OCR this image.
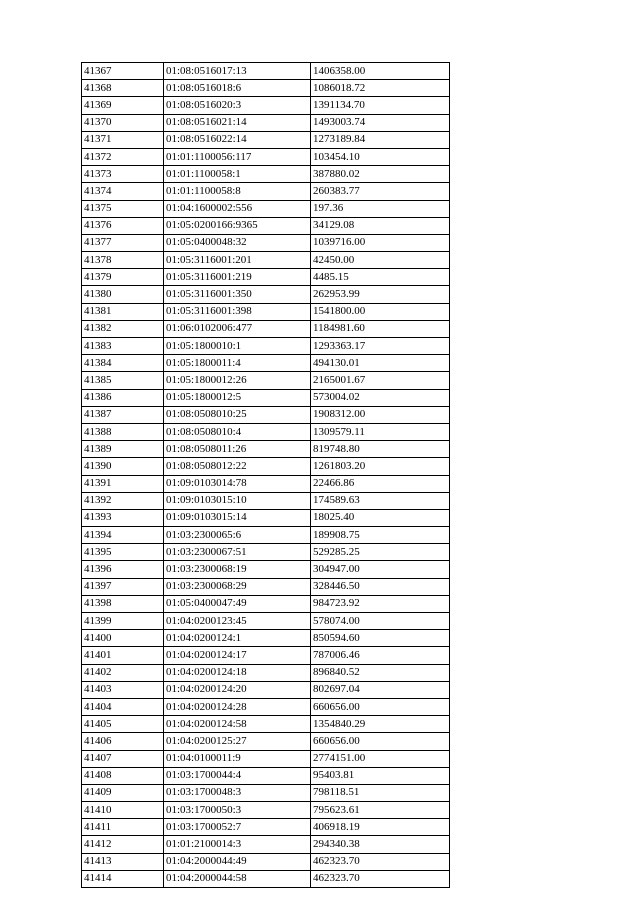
41367	01:08:0516017:13	1406358.00
41368	01:08:0516018:6	1086018.72
41369	01:08:0516020:3	1391134.70
41370	01:08:0516021:14	1493003.74
41371	01:08:0516022:14	1273189.84
41372	01:01:1100056:117	103454.10
41373	01:01:1100058:1	387880.02
41374	01:01:1100058:8	260383.77
41375	01:04:1600002:556	197.36
41376	01:05:0200166:9365	34129.08
41377	01:05:0400048:32	1039716.00
41378	01:05:3116001:201	42450.00
41379	01:05:3116001:219	4485.15
41380	01:05:3116001:350	262953.99
41381	01:05:3116001:398	1541800.00
41382	01:06:0102006:477	1184981.60
41383	01:05:1800010:1	1293363.17
41384	01:05:1800011:4	494130.01
41385	01:05:1800012:26	2165001.67
41386	01:05:1800012:5	573004.02
41387	01:08:0508010:25	1908312.00
41388	01:08:0508010:4	1309579.11
41389	01:08:0508011:26	819748.80
41390	01:08:0508012:22	1261803.20
41391	01:09:0103014:78	22466.86
41392	01:09:0103015:10	174589.63
41393	01:09:0103015:14	18025.40
41394	01:03:2300065:6	189908.75
41395	01:03:2300067:51	529285.25
41396	01:03:2300068:19	304947.00
41397	01:03:2300068:29	328446.50
41398	01:05:0400047:49	984723.92
41399	01:04:0200123:45	578074.00
41400	01:04:0200124:1	850594.60
41401	01:04:0200124:17	787006.46
41402	01:04:0200124:18	896840.52
41403	01:04:0200124:20	802697.04
41404	01:04:0200124:28	660656.00
41405	01:04:0200124:58	1354840.29
41406	01:04:0200125:27	660656.00
41407	01:04:0100011:9	2774151.00
41408	01:03:1700044:4	95403.81
41409	01:03:1700048:3	798118.51
41410	01:03:1700050:3	795623.61
41411	01:03:1700052:7	406918.19
41412	01:01:2100014:3	294340.38
41413	01:04:2000044:49	462323.70
41414	01:04:2000044:58	462323.70
